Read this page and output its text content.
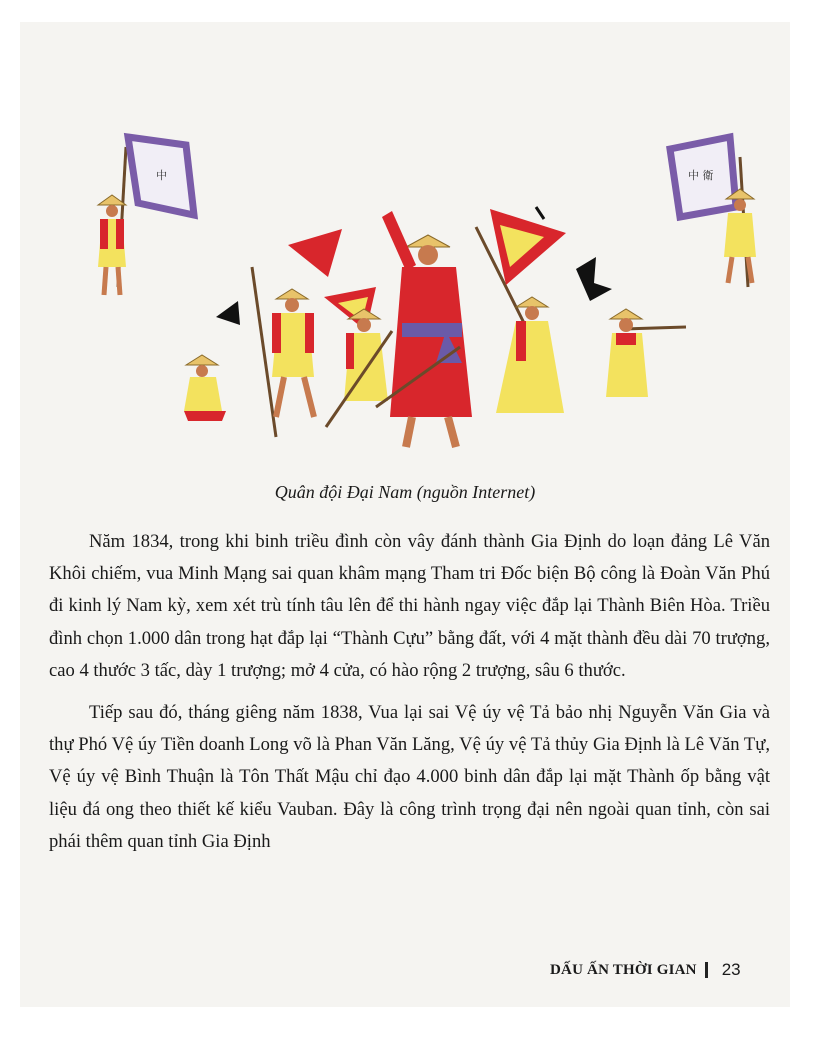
中	中 衛
Quân đội Đại Nam (nguồn Internet)

Năm 1834, trong khi binh triều đình còn vây đánh thành Gia Định do loạn đảng Lê Văn Khôi chiếm, vua Minh Mạng sai quan khâm mạng Tham tri Đốc biện Bộ công là Đoàn Văn Phú đi kinh lý Nam kỳ, xem xét trù tính tâu lên để thi hành ngay việc đắp lại Thành Biên Hòa. Triều đình chọn 1.000 dân trong hạt đắp lại “Thành Cựu” bằng đất, với 4 mặt thành đều dài 70 trượng, cao 4 thước 3 tấc, dày 1 trượng; mở 4 cửa, có hào rộng 2 trượng, sâu 6 thước.

Tiếp sau đó, tháng giêng năm 1838, Vua lại sai Vệ úy vệ Tả bảo nhị Nguyễn Văn Gia và thự Phó Vệ úy Tiền doanh Long võ là Phan Văn Lăng, Vệ úy vệ Tả thủy Gia Định là Lê Văn Tự, Vệ úy vệ Bình Thuận là Tôn Thất Mậu chỉ đạo 4.000 binh dân đắp lại mặt Thành ốp bằng vật liệu đá ong theo thiết kế kiểu Vauban. Đây là công trình trọng đại nên ngoài quan tỉnh, còn sai phái thêm quan tỉnh Gia Định

DẤU ẤN THỜI GIAN 23
